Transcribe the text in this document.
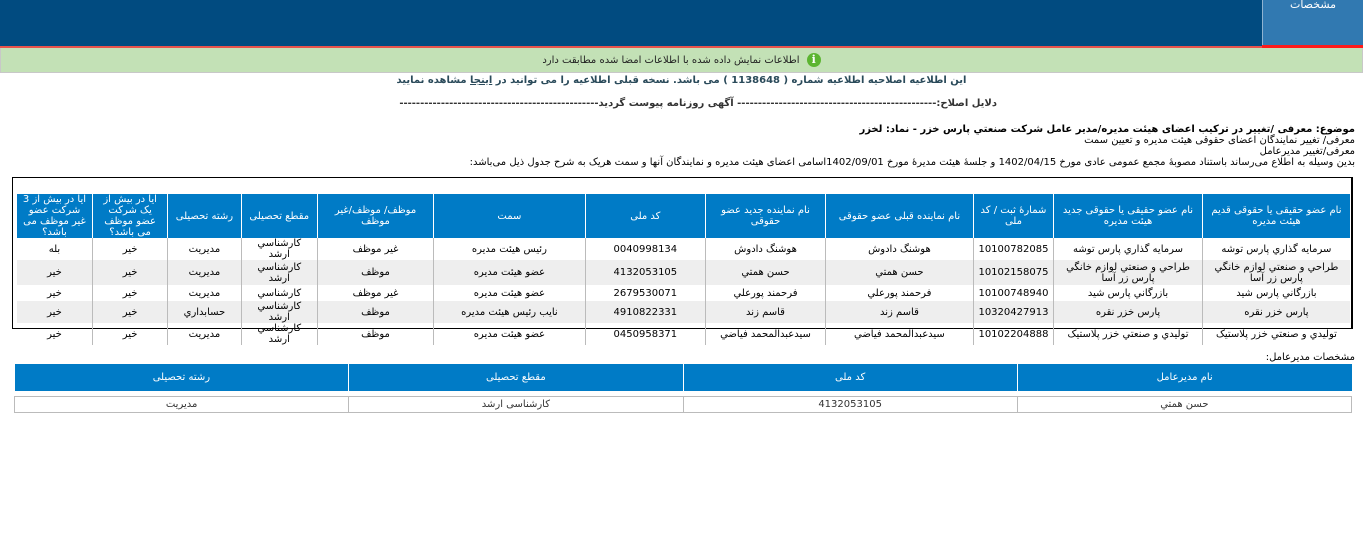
مشخصات
i اطلاعات نمایش داده شده با اطلاعات امضا شده مطابقت دارد
این اطلاعیه اصلاحیه اطلاعیه شماره ( 1138648 ) می باشد. نسخه قبلی اطلاعیه را می توانید در اینجا مشاهده نمایید
دلایل اصلاح:------------------------------------------------ آگهی روزنامه پیوست گردید------------------------------------------------
موضوع: معرفی /تغییر در ترکیب اعضای هیئت مدیره/مدیر عامل شرکت صنعتي پارس خزر - نماد: لخزر
معرفی/ تغییر نمایندگان اعضای حقوقی هیئت مدیره و تعیین سمت
معرفی/تغییر مدیرعامل
بدین وسیله به اطلاع می‌رساند باستناد مصوبهٔ مجمع عمومی عادی مورخ 1402/04/15 و جلسهٔ هیئت مدیرهٔ مورخ 1402/09/01اسامی اعضای هیئت مدیره و نمایندگان آنها و سمت هریک به شرح جدول ذیل می‌باشد:
نام عضو حقیقی یا حقوقی قدیم هیئت مدیره	نام عضو حقیقی یا حقوقی جدید هیئت مدیره	شمارهٔ ثبت / کد ملی	نام نماینده قبلی عضو حقوقی	نام نماینده جدید عضو حقوقی	کد ملی	سمت	موظف/ موظف/غیر موظف	مقطع تحصیلی	رشته تحصیلی	آیا در بیش از یک شرکت عضو موظف می باشد؟	آیا در بیش از 3 شرکت عضو غیر موظف می باشد؟
سرمایه گذاري پارس توشه	سرمایه گذاري پارس توشه	10100782085	هوشنگ دادوش	هوشنگ دادوش	0040998134	رئیس هیئت مدیره	غیر موظف	كارشناسي ارشد	مدیریت	خیر	بله
طراحي و صنعتي لوازم خانگي پارس زر آسا	طراحي و صنعتي لوازم خانگي پارس زر آسا	10102158075	حسن همتي	حسن همتي	4132053105	عضو هیئت مدیره	موظف	كارشناسي ارشد	مدیریت	خیر	خیر
بازرگاني پارس شید	بازرگاني پارس شید	10100748940	فرحمند پورعلي	فرحمند پورعلي	2679530071	عضو هیئت مدیره	غیر موظف	كارشناسي	مدیریت	خیر	خیر
پارس خزر نقره	پارس خزر نقره	10320427913	قاسم زند	قاسم زند	4910822331	نایب رئیس هیئت مدیره	موظف	كارشناسي ارشد	حسابداري	خیر	خیر
توليدي و صنعتي خزر پلاستیک	توليدي و صنعتي خزر پلاستیک	10102204888	سیدعبدالمحمد فیاضي	سیدعبدالمحمد فیاضي	0450958371	عضو هیئت مدیره	موظف	كارشناسي ارشد	مدیریت	خیر	خیر
مشخصات مدیرعامل:
نام مدیرعامل	کد ملی	مقطع تحصیلی	رشته تحصیلی

حسن همتي	4132053105	کارشناسی ارشد	مدیریت
